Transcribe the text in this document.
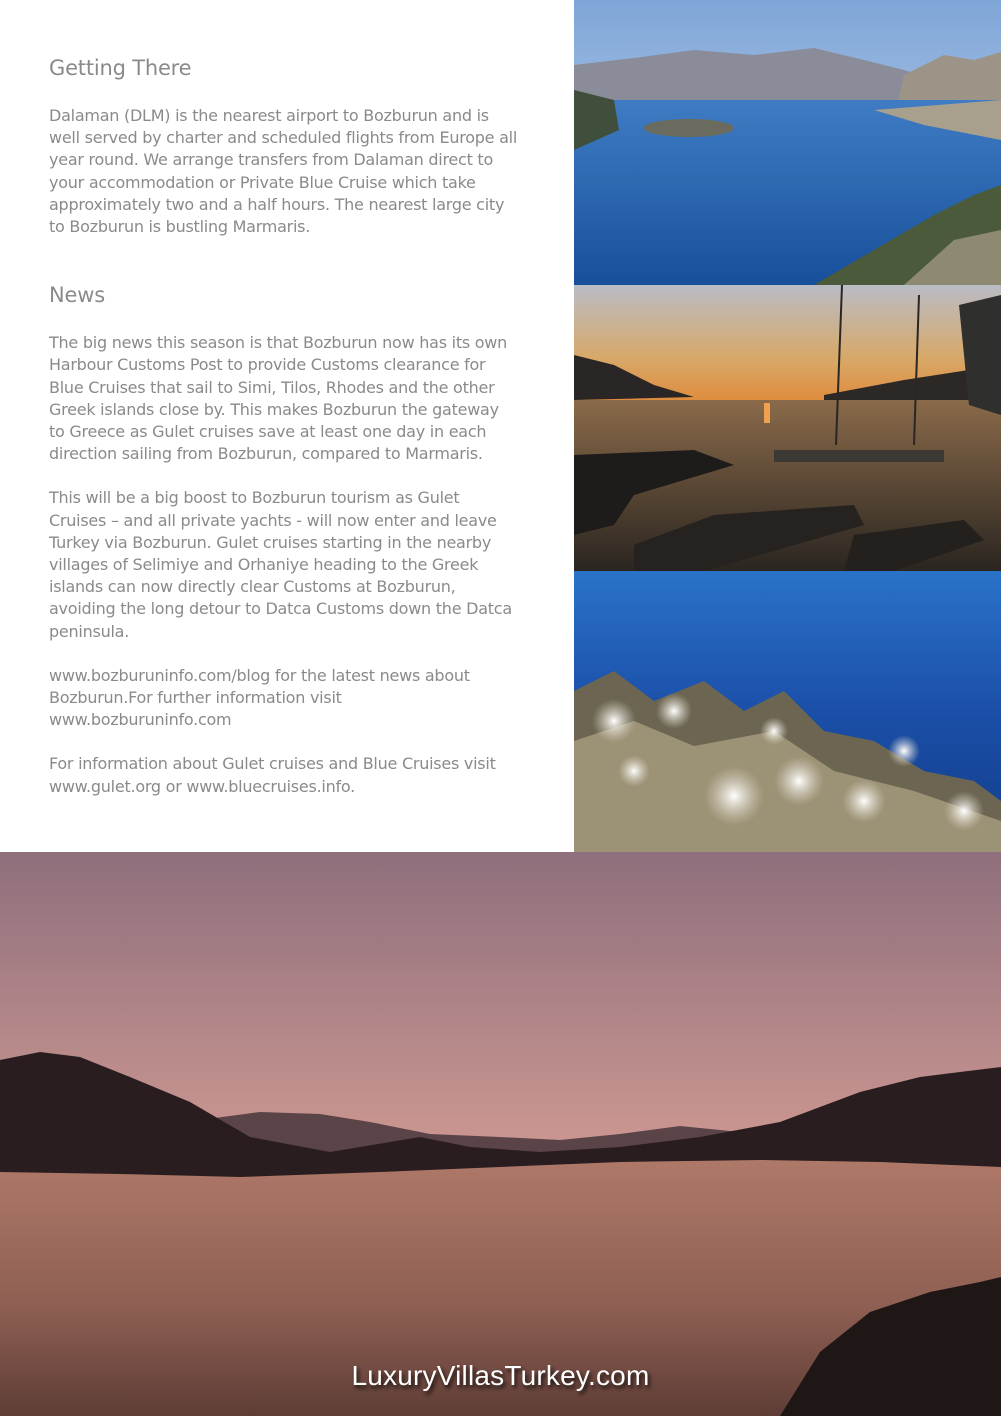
Getting There

Dalaman (DLM) is the nearest airport to Bozburun and is well served by charter and scheduled flights from Europe all year round. We arrange transfers from Dalaman direct to your accommodation or Private Blue Cruise which take approximately two and a half hours. The nearest large city to Bozburun is bustling Marmaris.

News

The big news this season is that Bozburun now has its own Harbour Customs Post to provide Customs clearance for Blue Cruises that sail to Simi, Tilos, Rhodes and the other Greek islands close by. This makes Bozburun the gateway to Greece as Gulet cruises save at least one day in each direction sailing from Bozburun, compared to Marmaris.

This will be a big boost to Bozburun tourism as Gulet Cruises – and all private yachts - will now enter and leave Turkey via Bozburun. Gulet cruises starting in the nearby villages of Selimiye and Orhaniye heading to the Greek islands can now directly clear Customs at Bozburun, avoiding the long detour to Datca Customs down the Datca peninsula.

www.bozburuninfo.com/blog for the latest news about Bozburun.For further information visit www.bozburuninfo.com

For information about Gulet cruises and Blue Cruises visit www.gulet.org or www.bluecruises.info.

LuxuryVillasTurkey.com
